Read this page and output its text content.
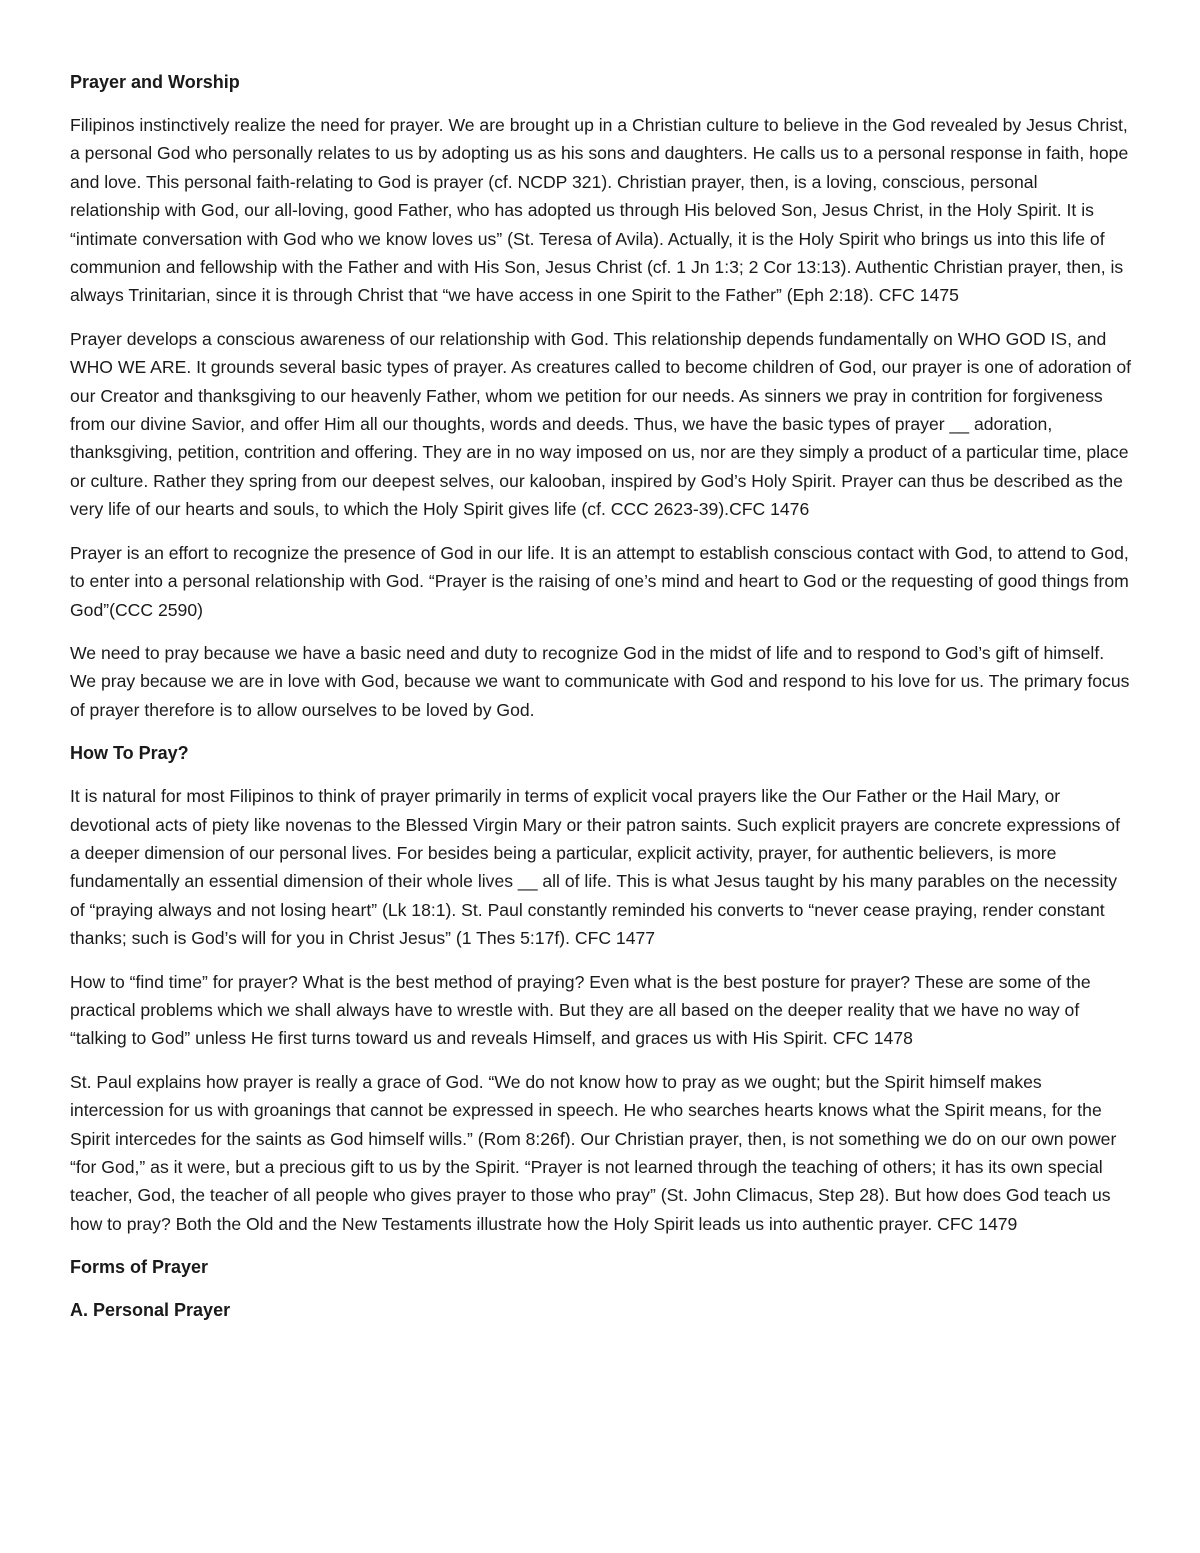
Prayer and Worship

Filipinos instinctively realize the need for prayer. We are brought up in a Christian culture to believe in the God revealed by Jesus Christ, a personal God who personally relates to us by adopting us as his sons and daughters. He calls us to a personal response in faith, hope and love. This personal faith-relating to God is prayer (cf. NCDP 321). Christian prayer, then, is a loving, conscious, personal relationship with God, our all-loving, good Father, who has adopted us through His beloved Son, Jesus Christ, in the Holy Spirit. It is “intimate conversation with God who we know loves us” (St. Teresa of Avila). Actually, it is the Holy Spirit who brings us into this life of communion and fellowship with the Father and with His Son, Jesus Christ (cf. 1 Jn 1:3; 2 Cor 13:13). Authentic Christian prayer, then, is always Trinitarian, since it is through Christ that “we have access in one Spirit to the Father” (Eph 2:18). CFC 1475

Prayer develops a conscious awareness of our relationship with God. This relationship depends fundamentally on WHO GOD IS, and WHO WE ARE. It grounds several basic types of prayer. As creatures called to become children of God, our prayer is one of adoration of our Creator and thanksgiving to our heavenly Father, whom we petition for our needs. As sinners we pray in contrition for forgiveness from our divine Savior, and offer Him all our thoughts, words and deeds. Thus, we have the basic types of prayer __ adoration, thanksgiving, petition, contrition and offering. They are in no way imposed on us, nor are they simply a product of a particular time, place or culture. Rather they spring from our deepest selves, our kalooban, inspired by God’s Holy Spirit. Prayer can thus be described as the very life of our hearts and souls, to which the Holy Spirit gives life (cf. CCC 2623-39).CFC 1476

Prayer is an effort to recognize the presence of God in our life. It is an attempt to establish conscious contact with God, to attend to God, to enter into a personal relationship with God. “Prayer is the raising of one’s mind and heart to God or the requesting of good things from God”(CCC 2590)

We need to pray because we have a basic need and duty to recognize God in the midst of life and to respond to God’s gift of himself. We pray because we are in love with God, because we want to communicate with God and respond to his love for us. The primary focus of prayer therefore is to allow ourselves to be loved by God.

How To Pray?

It is natural for most Filipinos to think of prayer primarily in terms of explicit vocal prayers like the Our Father or the Hail Mary, or devotional acts of piety like novenas to the Blessed Virgin Mary or their patron saints. Such explicit prayers are concrete expressions of a deeper dimension of our personal lives. For besides being a particular, explicit activity, prayer, for authentic believers, is more fundamentally an essential dimension of their whole lives __ all of life. This is what Jesus taught by his many parables on the necessity of “praying always and not losing heart” (Lk 18:1). St. Paul constantly reminded his converts to “never cease praying, render constant thanks; such is God’s will for you in Christ Jesus” (1 Thes 5:17f). CFC 1477

How to “find time” for prayer? What is the best method of praying? Even what is the best posture for prayer? These are some of the practical problems which we shall always have to wrestle with. But they are all based on the deeper reality that we have no way of “talking to God” unless He first turns toward us and reveals Himself, and graces us with His Spirit. CFC 1478

St. Paul explains how prayer is really a grace of God. “We do not know how to pray as we ought; but the Spirit himself makes intercession for us with groanings that cannot be expressed in speech. He who searches hearts knows what the Spirit means, for the Spirit intercedes for the saints as God himself wills.” (Rom 8:26f). Our Christian prayer, then, is not something we do on our own power “for God,” as it were, but a precious gift to us by the Spirit. “Prayer is not learned through the teaching of others; it has its own special teacher, God, the teacher of all people who gives prayer to those who pray” (St. John Climacus, Step 28). But how does God teach us how to pray? Both the Old and the New Testaments illustrate how the Holy Spirit leads us into authentic prayer. CFC 1479

Forms of Prayer
A. Personal Prayer
